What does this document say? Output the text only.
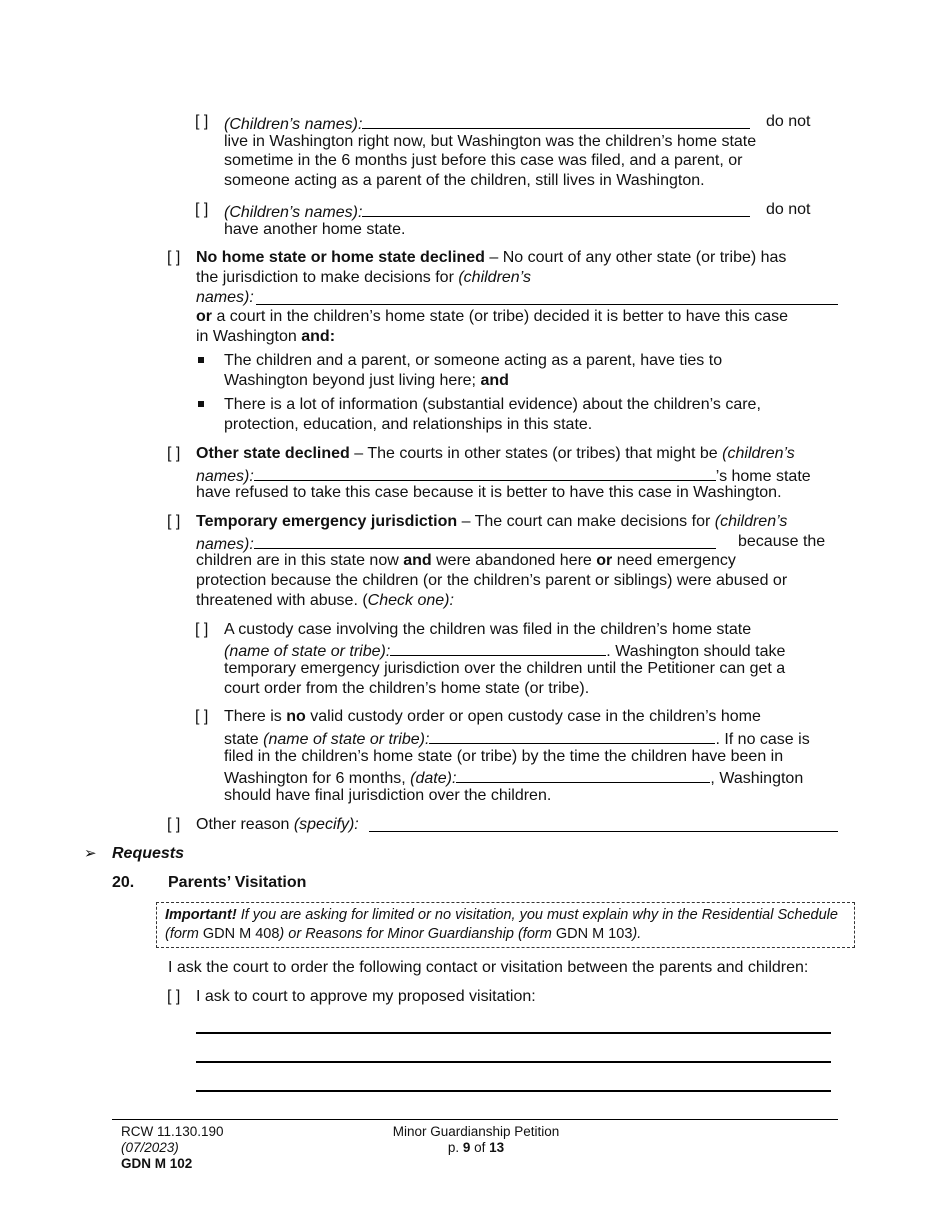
[ ] (Children’s names):	do not
live in Washington right now, but Washington was the children’s home state
sometime in the 6 months just before this case was filed, and a parent, or
someone acting as a parent of the children, still lives in Washington.
[ ] (Children’s names):	do not
have another home state.
[ ] No home state or home state declined – No court of any other state (or tribe) has
the jurisdiction to make decisions for (children’s
names):
or a court in the children’s home state (or tribe) decided it is better to have this case
in Washington and:
The children and a parent, or someone acting as a parent, have ties to
Washington beyond just living here; and
There is a lot of information (substantial evidence) about the children’s care,
protection, education, and relationships in this state.
[ ] Other state declined – The courts in other states (or tribes) that might be (children’s
names):	’s home state
have refused to take this case because it is better to have this case in Washington.
[ ] Temporary emergency jurisdiction – The court can make decisions for (children’s
names):	because the
children are in this state now and were abandoned here or need emergency
protection because the children (or the children’s parent or siblings) were abused or
threatened with abuse. (Check one):
[ ] A custody case involving the children was filed in the children’s home state
(name of state or tribe):	. Washington should take
temporary emergency jurisdiction over the children until the Petitioner can get a
court order from the children’s home state (or tribe).
[ ] There is no valid custody order or open custody case in the children’s home
state (name of state or tribe):	. If no case is
filed in the children’s home state (or tribe) by the time the children have been in
Washington for 6 months, (date):	, Washington
should have final jurisdiction over the children.
[ ] Other reason (specify):
➢ Requests
20. Parents’ Visitation
Important! If you are asking for limited or no visitation, you must explain why in the Residential Schedule
(form GDN M 408) or Reasons for Minor Guardianship (form GDN M 103).
I ask the court to order the following contact or visitation between the parents and children:
[ ] I ask to court to approve my proposed visitation:
RCW 11.130.190
(07/2023)
GDN M 102
Minor Guardianship Petition
p. 9 of 13
